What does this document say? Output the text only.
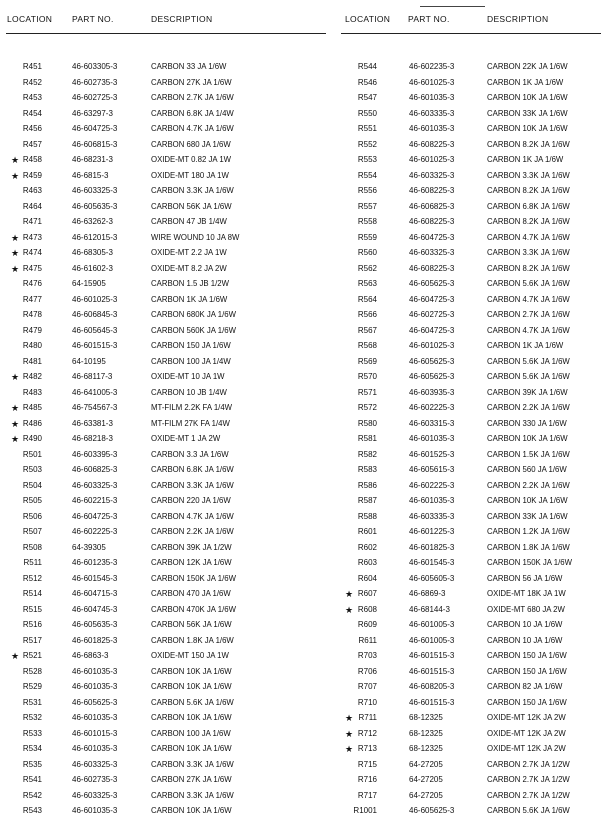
LOCATION PART NO.	DESCRIPTION
R451	46-603305-3	CARBON 33 JA 1/6W
R452	46-602735-3	CARBON 27K JA 1/6W
R453	46-602725-3	CARBON 2.7K JA 1/6W
R454	46-63297-3	CARBON 6.8K JA 1/4W
R456	46-604725-3	CARBON 4.7K JA 1/6W
R457	46-606815-3	CARBON 680 JA 1/6W
★ R458	46-68231-3	OXIDE-MT 0.82 JA 1W
★ R459	46-6815-3	OXIDE-MT 180 JA 1W
R463	46-603325-3	CARBON 3.3K JA 1/6W
R464	46-605635-3	CARBON 56K JA 1/6W
R471	46-63262-3	CARBON 47 JB 1/4W
★ R473	46-612015-3	WIRE WOUND 10 JA 8W
★ R474	46-68305-3	OXIDE-MT 2.2 JA 1W
★ R475	46-61602-3	OXIDE-MT 8.2 JA 2W
R476	64-15905	CARBON 1.5 JB 1/2W
R477	46-601025-3	CARBON 1K JA 1/6W
R478	46-606845-3	CARBON 680K JA 1/6W
R479	46-605645-3	CARBON 560K JA 1/6W
R480	46-601515-3	CARBON 150 JA 1/6W
R481	64-10195	CARBON 100 JA 1/4W
★ R482	46-68117-3	OXIDE-MT 10 JA 1W
R483	46-641005-3	CARBON 10 JB 1/4W
★ R485	46-754567-3	MT-FILM 2.2K FA 1/4W
★ R486	46-63381-3	MT-FILM 27K FA 1/4W
★ R490	46-68218-3	OXIDE-MT 1 JA 2W
R501	46-603395-3	CARBON 3.3 JA 1/6W
R503	46-606825-3	CARBON 6.8K JA 1/6W
R504	46-603325-3	CARBON 3.3K JA 1/6W
R505	46-602215-3	CARBON 220 JA 1/6W
R506	46-604725-3	CARBON 4.7K JA 1/6W
R507	46-602225-3	CARBON 2.2K JA 1/6W
R508	64-39305	CARBON 39K JA 1/2W
R511	46-601235-3	CARBON 12K JA 1/6W
R512	46-601545-3	CARBON 150K JA 1/6W
R514	46-604715-3	CARBON 470 JA 1/6W
R515	46-604745-3	CARBON 470K JA 1/6W
R516	46-605635-3	CARBON 56K JA 1/6W
R517	46-601825-3	CARBON 1.8K JA 1/6W
★ R521	46-6863-3	OXIDE-MT 150 JA 1W
R528	46-601035-3	CARBON 10K JA 1/6W
R529	46-601035-3	CARBON 10K JA 1/6W
R531	46-605625-3	CARBON 5.6K JA 1/6W
R532	46-601035-3	CARBON 10K JA 1/6W
R533	46-601015-3	CARBON 100 JA 1/6W
R534	46-601035-3	CARBON 10K JA 1/6W
R535	46-603325-3	CARBON 3.3K JA 1/6W
R541	46-602735-3	CARBON 27K JA 1/6W
R542	46-603325-3	CARBON 3.3K JA 1/6W
R543	46-601035-3	CARBON 10K JA 1/6W
LOCATION PART NO.	DESCRIPTION
R544	46-602235-3	CARBON 22K JA 1/6W
R546	46-601025-3	CARBON 1K JA 1/6W
R547	46-601035-3	CARBON 10K JA 1/6W
R550	46-603335-3	CARBON 33K JA 1/6W
R551	46-601035-3	CARBON 10K JA 1/6W
R552	46-608225-3	CARBON 8.2K JA 1/6W
R553	46-601025-3	CARBON 1K JA 1/6W
R554	46-603325-3	CARBON 3.3K JA 1/6W
R556	46-608225-3	CARBON 8.2K JA 1/6W
R557	46-606825-3	CARBON 6.8K JA 1/6W
R558	46-608225-3	CARBON 8.2K JA 1/6W
R559	46-604725-3	CARBON 4.7K JA 1/6W
R560	46-603325-3	CARBON 3.3K JA 1/6W
R562	46-608225-3	CARBON 8.2K JA 1/6W
R563	46-605625-3	CARBON 5.6K JA 1/6W
R564	46-604725-3	CARBON 4.7K JA 1/6W
R566	46-602725-3	CARBON 2.7K JA 1/6W
R567	46-604725-3	CARBON 4.7K JA 1/6W
R568	46-601025-3	CARBON 1K JA 1/6W
R569	46-605625-3	CARBON 5.6K JA 1/6W
R570	46-605625-3	CARBON 5.6K JA 1/6W
R571	46-603935-3	CARBON 39K JA 1/6W
R572	46-602225-3	CARBON 2.2K JA 1/6W
R580	46-603315-3	CARBON 330 JA 1/6W
R581	46-601035-3	CARBON 10K JA 1/6W
R582	46-601525-3	CARBON 1.5K JA 1/6W
R583	46-605615-3	CARBON 560 JA 1/6W
R586	46-602225-3	CARBON 2.2K JA 1/6W
R587	46-601035-3	CARBON 10K JA 1/6W
R588	46-603335-3	CARBON 33K JA 1/6W
R601	46-601225-3	CARBON 1.2K JA 1/6W
R602	46-601825-3	CARBON 1.8K JA 1/6W
R603	46-601545-3	CARBON 150K JA 1/6W
R604	46-605605-3	CARBON 56 JA 1/6W
★ R607	46-6869-3	OXIDE-MT 18K JA 1W
★ R608	46-68144-3	OXIDE-MT 680 JA 2W
R609	46-601005-3	CARBON 10 JA 1/6W
R611	46-601005-3	CARBON 10 JA 1/6W
R703	46-601515-3	CARBON 150 JA 1/6W
R706	46-601515-3	CARBON 150 JA 1/6W
R707	46-608205-3	CARBON 82 JA 1/6W
R710	46-601515-3	CARBON 150 JA 1/6W
★ R711	68-12325	OXIDE-MT 12K JA 2W
★ R712	68-12325	OXIDE-MT 12K JA 2W
★ R713	68-12325	OXIDE-MT 12K JA 2W
R715	64-27205	CARBON 2.7K JA 1/2W
R716	64-27205	CARBON 2.7K JA 1/2W
R717	64-27205	CARBON 2.7K JA 1/2W
R1001	46-605625-3	CARBON 5.6K JA 1/6W
